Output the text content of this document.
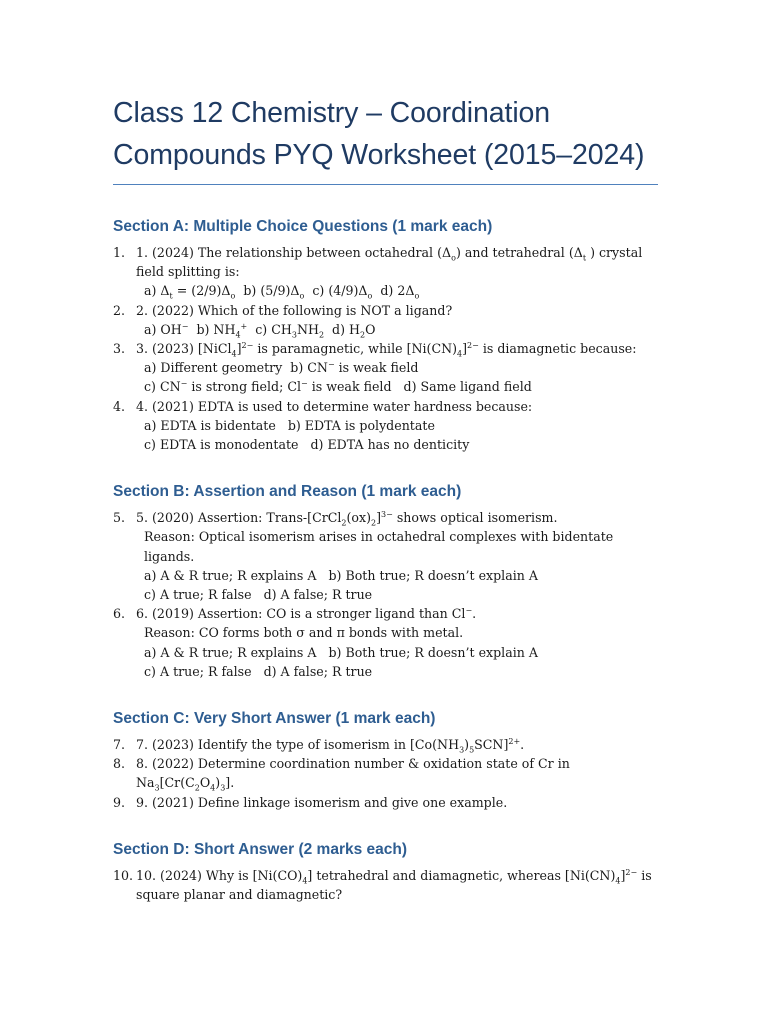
Class 12 Chemistry – Coordination Compounds PYQ Worksheet (2015–2024)
Section A: Multiple Choice Questions (1 mark each)
1. 1. (2024) The relationship between octahedral $(\Delta_o)$ and tetrahedral ($\Delta_t$ ) crystal field splitting is:
a) $\Delta_t = (2/9)\Delta_o$  b) $(5/9)\Delta_o$  c) $(4/9)\Delta_o$  d) $2\Delta_o$
2. 2. (2022) Which of the following is NOT a ligand?
a) OH−  b) $NH_4^+$  c) $CH_3NH_2$  d) $H_2O$
3. 3. (2023) [NiCl$_4$]$^{2-}$ is paramagnetic, while $[Ni(CN)_4]^{2-}$ is diamagnetic because:
a) Different geometry  b) CN− is weak field
c) CN− is strong field; Cl− is weak field   d) Same ligand field
4. 4. (2021) EDTA is used to determine water hardness because:
a) EDTA is bidentate   b) EDTA is polydentate
c) EDTA is monodentate   d) EDTA has no denticity
Section B: Assertion and Reason (1 mark each)
5. 5. (2020) Assertion: Trans-$[CrCl_2(ox)_2]^{3-}$ shows optical isomerism.
Reason: Optical isomerism arises in octahedral complexes with bidentate ligands.
a) A & R true; R explains A   b) Both true; R doesn’t explain A
c) A true; R false   d) A false; R true
6. 6. (2019) Assertion: CO is a stronger ligand than Cl−.
Reason: CO forms both σ and π bonds with metal.
a) A & R true; R explains A   b) Both true; R doesn’t explain A
c) A true; R false   d) A false; R true
Section C: Very Short Answer (1 mark each)
7. 7. (2023) Identify the type of isomerism in $[Co(NH_3)_5SCN]^{2+}$.
8. 8. (2022) Determine coordination number & oxidation state of Cr in $Na_3[Cr(C_2O_4)_3]$.
9. 9. (2021) Define linkage isomerism and give one example.
Section D: Short Answer (2 marks each)
10. 10. (2024) Why is $[Ni(CO)_4]$ tetrahedral and diamagnetic, whereas $[Ni(CN)_4]^{2-}$ is square planar and diamagnetic?
